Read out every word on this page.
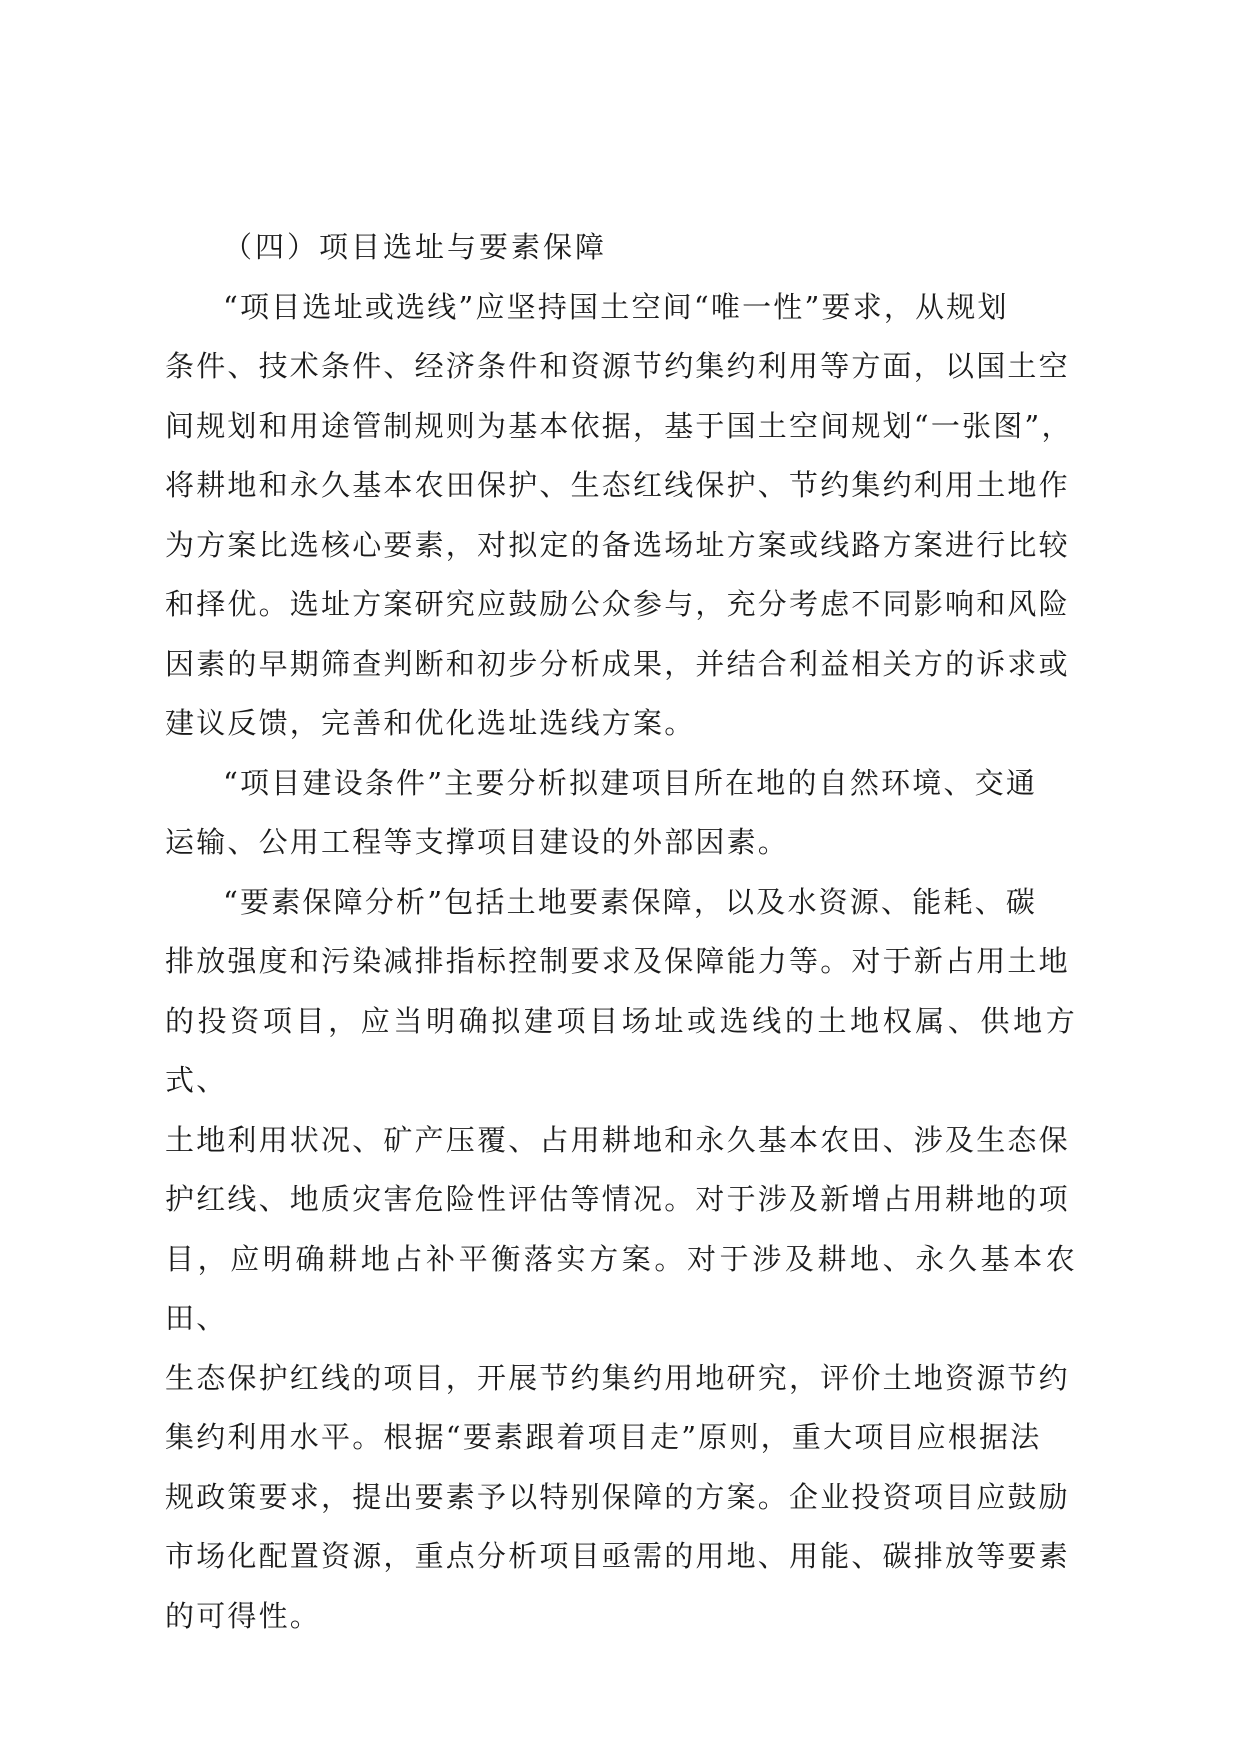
（四）项目选址与要素保障

“项目选址或选线”应坚持国土空间“唯一性”要求，从规划
条件、技术条件、经济条件和资源节约集约利用等方面，以国土空
间规划和用途管制规则为基本依据，基于国土空间规划“一张图”，
将耕地和永久基本农田保护、生态红线保护、节约集约利用土地作
为方案比选核心要素，对拟定的备选场址方案或线路方案进行比较
和择优。选址方案研究应鼓励公众参与，充分考虑不同影响和风险
因素的早期筛查判断和初步分析成果，并结合利益相关方的诉求或
建议反馈，完善和优化选址选线方案。

“项目建设条件”主要分析拟建项目所在地的自然环境、交通
运输、公用工程等支撑项目建设的外部因素。

“要素保障分析”包括土地要素保障，以及水资源、能耗、碳
排放强度和污染减排指标控制要求及保障能力等。对于新占用土地
的投资项目，应当明确拟建项目场址或选线的土地权属、供地方式、
土地利用状况、矿产压覆、占用耕地和永久基本农田、涉及生态保
护红线、地质灾害危险性评估等情况。对于涉及新增占用耕地的项
目，应明确耕地占补平衡落实方案。对于涉及耕地、永久基本农田、
生态保护红线的项目，开展节约集约用地研究，评价土地资源节约
集约利用水平。根据“要素跟着项目走”原则，重大项目应根据法
规政策要求，提出要素予以特别保障的方案。企业投资项目应鼓励
市场化配置资源，重点分析项目亟需的用地、用能、碳排放等要素
的可得性。
